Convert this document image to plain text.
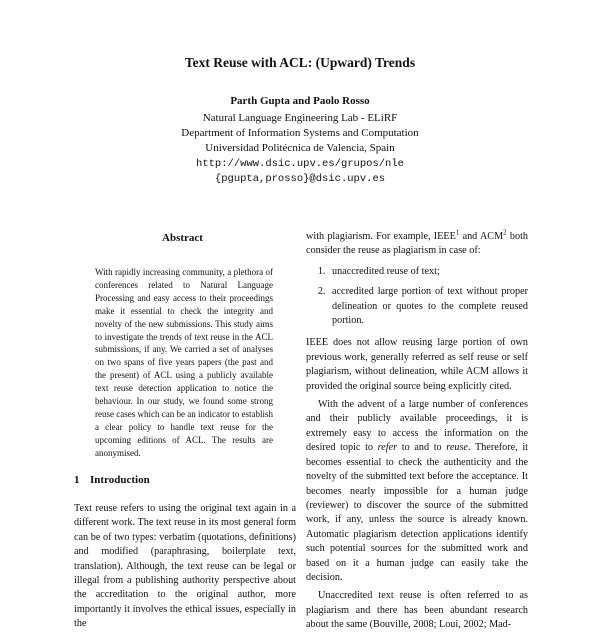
Text Reuse with ACL: (Upward) Trends
Parth Gupta and Paolo Rosso
Natural Language Engineering Lab - ELiRF
Department of Information Systems and Computation
Universidad Politécnica de Valencia, Spain
http://www.dsic.upv.es/grupos/nle
{pgupta,prosso}@dsic.upv.es
Abstract
With rapidly increasing community, a plethora of conferences related to Natural Language Processing and easy access to their proceedings make it essential to check the integrity and novelty of the new submissions. This study aims to investigate the trends of text reuse in the ACL submissions, if any. We carried a set of analyses on two spans of five years papers (the past and the present) of ACL using a publicly available text reuse detection application to notice the behaviour. In our study, we found some strong reuse cases which can be an indicator to establish a clear policy to handle text reuse for the upcoming editions of ACL. The results are anonymised.
1 Introduction
Text reuse refers to using the original text again in a different work. The text reuse in its most general form can be of two types: verbatim (quotations, definitions) and modified (paraphrasing, boilerplate text, translation). Although, the text reuse can be legal or illegal from a publishing authority perspective about the accreditation to the original author, more importantly it involves the ethical issues, especially in the

with plagiarism. For example, IEEE$^1$ and ACM$^2$ both consider the reuse as plagiarism in case of:

1. unaccredited reuse of text;
2. accredited large portion of text without proper delineation or quotes to the complete reused portion.

IEEE does not allow reusing large portion of own previous work, generally referred as self reuse or self plagiarism, without delineation, while ACM allows it provided the original source being explicitly cited.

With the advent of a large number of conferences and their publicly available proceedings, it is extremely easy to access the information on the desired topic to refer to and to reuse. Therefore, it becomes essential to check the authenticity and the novelty of the submitted text before the acceptance. It becomes nearly impossible for a human judge (reviewer) to discover the source of the submitted work, if any, unless the source is already known. Automatic plagiarism detection applications identify such potential sources for the submitted work and based on it a human judge can easily take the decision.

Unaccredited text reuse is often referred to as plagiarism and there has been abundant research about the same (Bouville, 2008; Loui, 2002; Mad-
